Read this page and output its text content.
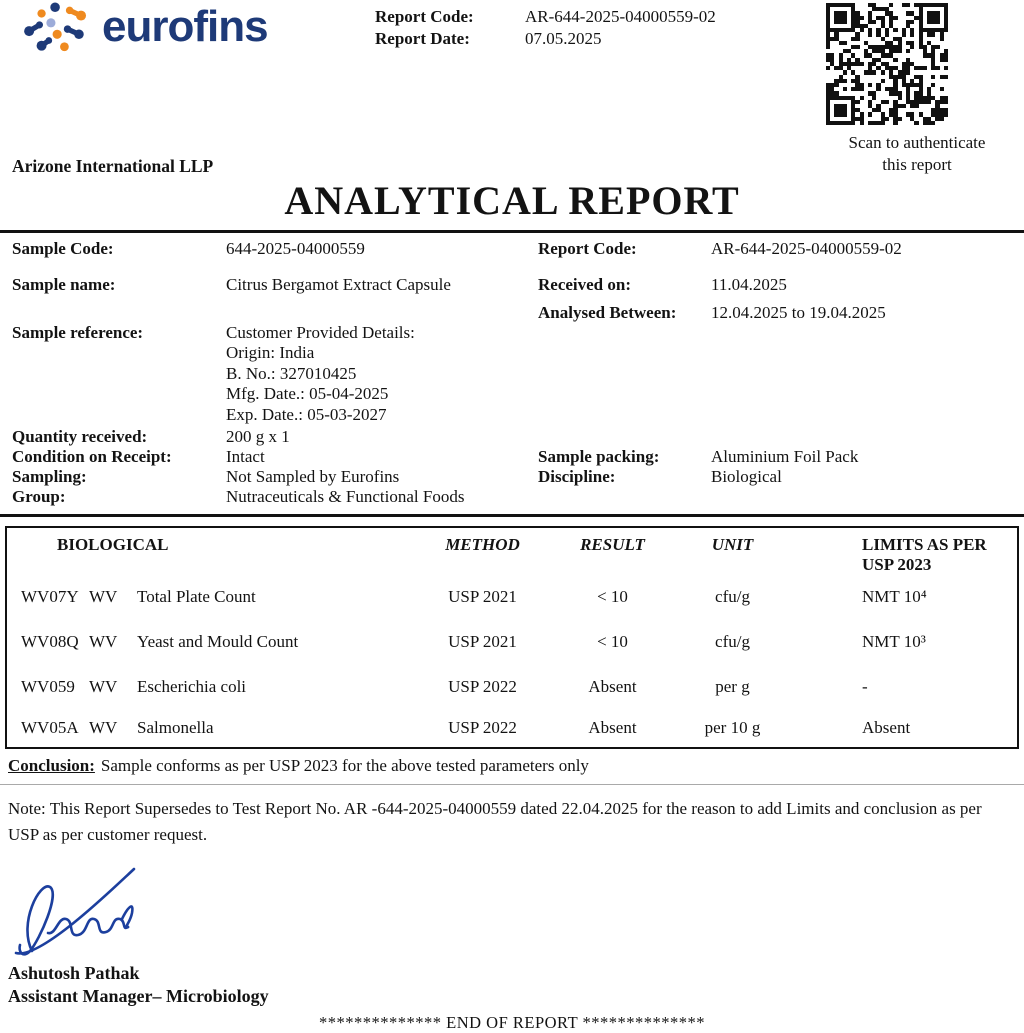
eurofins	Report Code:	AR-644-2025-04000559-02
Report Date:	07.05.2025
Scan to authenticate
this report
Arizone International LLP
ANALYTICAL REPORT
Sample Code:	644-2025-04000559	Report Code:	AR-644-2025-04000559-02
Sample name:	Citrus Bergamot Extract Capsule	Received on:	11.04.2025
Analysed Between: 12.04.2025 to 19.04.2025
Sample reference:	Customer Provided Details:
Origin: India
B. No.: 327010425
Mfg. Date.: 05-04-2025
Exp. Date.: 05-03-2027
Quantity received:	200 g x 1
Condition on Receipt:	Intact	Sample packing:	Aluminium Foil Pack
Sampling:	Not Sampled by Eurofins	Discipline:	Biological
Group:	Nutraceuticals & Functional Foods
BIOLOGICAL	METHOD	RESULT	UNIT	LIMITS AS PER
USP 2023
WV07Y WV	Total Plate Count	USP 2021	< 10	cfu/g	NMT 10⁴
WV08Q WV	Yeast and Mould Count	USP 2021	< 10	cfu/g	NMT 10³
WV059 WV	Escherichia coli	USP 2022	Absent	per g	-
WV05A WV	Salmonella	USP 2022	Absent	per 10 g	Absent
Conclusion: Sample conforms as per USP 2023 for the above tested parameters only

Note: This Report Supersedes to Test Report No. AR -644-2025-04000559 dated 22.04.2025 for the reason to add Limits and conclusion as per USP as per customer request.

Ashutosh Pathak
Assistant Manager– Microbiology
************** END OF REPORT **************
